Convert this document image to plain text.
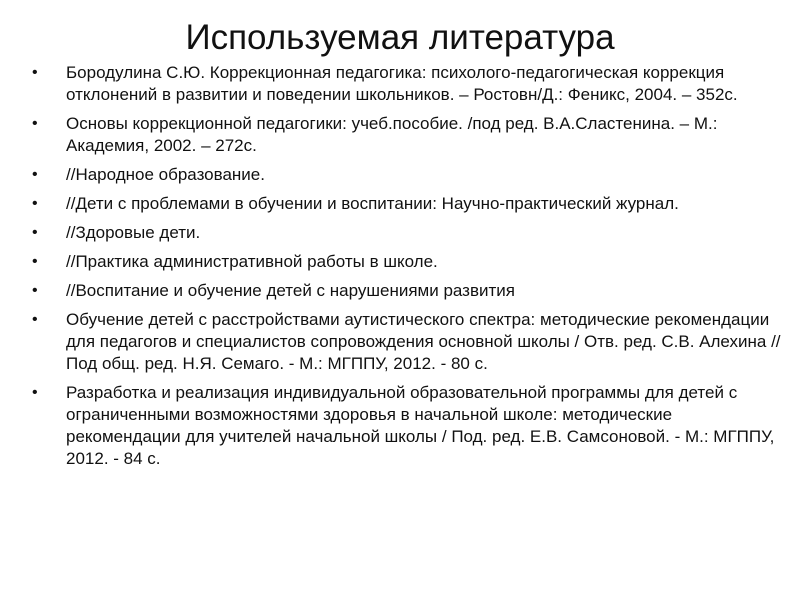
Используемая литература
•	Бородулина С.Ю. Коррекционная педагогика: психолого-педагогическая коррекция отклонений в развитии и поведении школьников. – Ростовн/Д.: Феникс, 2004. – 352с.
•	Основы коррекционной педагогики: учеб.пособие. /под ред. В.А.Сластенина. – М.: Академия, 2002. – 272с.
•	//Народное образование.
•	//Дети с проблемами в обучении и воспитании: Научно-практический журнал.
•	//Здоровые дети.
•	//Практика административной работы в школе.
•	//Воспитание и обучение детей с нарушениями развития
•	Обучение детей с расстройствами аутистического спектра: методические рекомендации для педагогов и специалистов сопровождения основной школы / Отв. ред. С.В. Алехина // Под общ. ред. Н.Я. Семаго. - М.: МГППУ, 2012. - 80 с.
•	Разработка и реализация индивидуальной образовательной программы для детей с ограниченными возможностями здоровья в начальной школе: методические рекомендации для учителей начальной школы / Под. ред. Е.В. Самсоновой. - М.: МГППУ, 2012. - 84 с.
